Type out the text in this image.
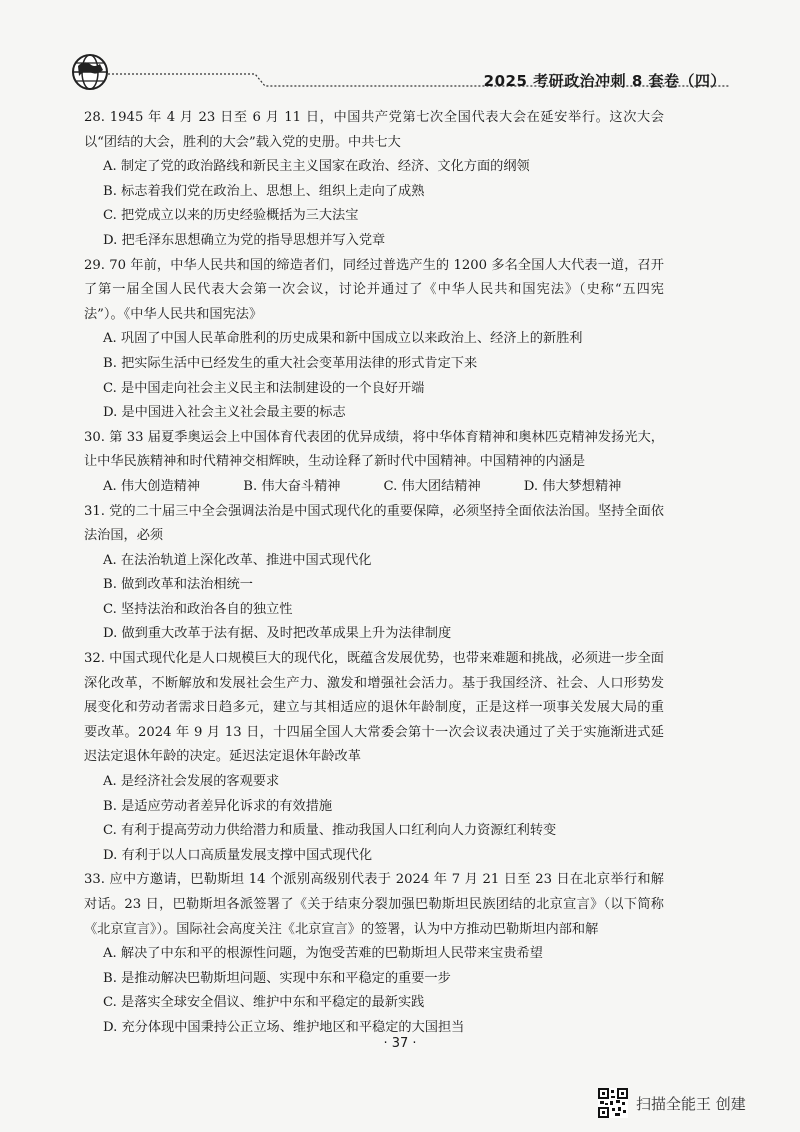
2025 考研政治冲刺 8 套卷（四）

28. 1945 年 4 月 23 日至 6 月 11 日，中国共产党第七次全国代表大会在延安举行。这次大会以“团结的大会，胜利的大会”载入党的史册。中共七大

A. 制定了党的政治路线和新民主主义国家在政治、经济、文化方面的纲领

B. 标志着我们党在政治上、思想上、组织上走向了成熟

C. 把党成立以来的历史经验概括为三大法宝

D. 把毛泽东思想确立为党的指导思想并写入党章

29. 70 年前，中华人民共和国的缔造者们，同经过普选产生的 1200 多名全国人大代表一道，召开了第一届全国人民代表大会第一次会议，讨论并通过了《中华人民共和国宪法》（史称“五四宪法”）。《中华人民共和国宪法》

A. 巩固了中国人民革命胜利的历史成果和新中国成立以来政治上、经济上的新胜利

B. 把实际生活中已经发生的重大社会变革用法律的形式肯定下来

C. 是中国走向社会主义民主和法制建设的一个良好开端

D. 是中国进入社会主义社会最主要的标志

30. 第 33 届夏季奥运会上中国体育代表团的优异成绩，将中华体育精神和奥林匹克精神发扬光大，让中华民族精神和时代精神交相辉映，生动诠释了新时代中国精神。中国精神的内涵是

A. 伟大创造精神	B. 伟大奋斗精神	C. 伟大团结精神	D. 伟大梦想精神

31. 党的二十届三中全会强调法治是中国式现代化的重要保障，必须坚持全面依法治国。坚持全面依法治国，必须

A. 在法治轨道上深化改革、推进中国式现代化

B. 做到改革和法治相统一

C. 坚持法治和政治各自的独立性

D. 做到重大改革于法有据、及时把改革成果上升为法律制度

32. 中国式现代化是人口规模巨大的现代化，既蕴含发展优势，也带来难题和挑战，必须进一步全面深化改革，不断解放和发展社会生产力、激发和增强社会活力。基于我国经济、社会、人口形势发展变化和劳动者需求日趋多元，建立与其相适应的退休年龄制度，正是这样一项事关发展大局的重要改革。2024 年 9 月 13 日，十四届全国人大常委会第十一次会议表决通过了关于实施渐进式延迟法定退休年龄的决定。延迟法定退休年龄改革

A. 是经济社会发展的客观要求

B. 是适应劳动者差异化诉求的有效措施

C. 有利于提高劳动力供给潜力和质量、推动我国人口红利向人力资源红利转变

D. 有利于以人口高质量发展支撑中国式现代化

33. 应中方邀请，巴勒斯坦 14 个派别高级别代表于 2024 年 7 月 21 日至 23 日在北京举行和解对话。23 日，巴勒斯坦各派签署了《关于结束分裂加强巴勒斯坦民族团结的北京宣言》（以下简称《北京宣言》）。国际社会高度关注《北京宣言》的签署，认为中方推动巴勒斯坦内部和解

A. 解决了中东和平的根源性问题，为饱受苦难的巴勒斯坦人民带来宝贵希望

B. 是推动解决巴勒斯坦问题、实现中东和平稳定的重要一步

C. 是落实全球安全倡议、维护中东和平稳定的最新实践

D. 充分体现中国秉持公正立场、维护地区和平稳定的大国担当

· 37 ·
扫描全能王 创建
